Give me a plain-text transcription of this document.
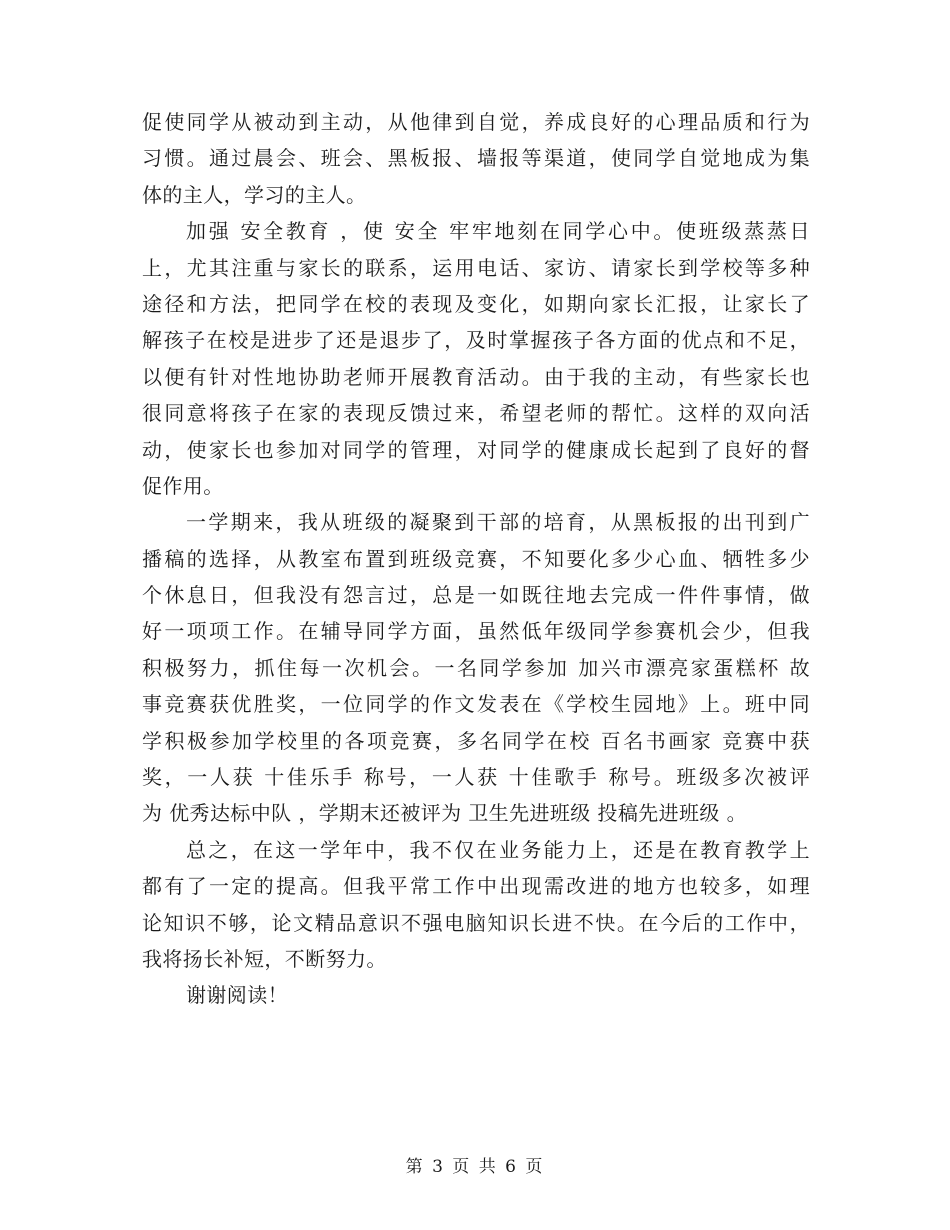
促使同学从被动到主动，从他律到自觉，养成良好的心理品质和行为
习惯。通过晨会、班会、黑板报、墙报等渠道，使同学自觉地成为集
体的主人，学习的主人。
加强 安全教育 ，使 安全 牢牢地刻在同学心中。使班级蒸蒸日
上，尤其注重与家长的联系，运用电话、家访、请家长到学校等多种
途径和方法，把同学在校的表现及变化，如期向家长汇报，让家长了
解孩子在校是进步了还是退步了，及时掌握孩子各方面的优点和不足，
以便有针对性地协助老师开展教育活动。由于我的主动，有些家长也
很同意将孩子在家的表现反馈过来，希望老师的帮忙。这样的双向活
动，使家长也参加对同学的管理，对同学的健康成长起到了良好的督
促作用。
一学期来，我从班级的凝聚到干部的培育，从黑板报的出刊到广
播稿的选择，从教室布置到班级竞赛，不知要化多少心血、牺牲多少
个休息日，但我没有怨言过，总是一如既往地去完成一件件事情，做
好一项项工作。在辅导同学方面，虽然低年级同学参赛机会少，但我
积极努力，抓住每一次机会。一名同学参加 加兴市漂亮家蛋糕杯 故
事竞赛获优胜奖，一位同学的作文发表在《学校生园地》上。班中同
学积极参加学校里的各项竞赛，多名同学在校 百名书画家 竞赛中获
奖，一人获 十佳乐手 称号，一人获 十佳歌手 称号。班级多次被评
为 优秀达标中队 ，学期末还被评为 卫生先进班级 投稿先进班级 。
总之，在这一学年中，我不仅在业务能力上，还是在教育教学上
都有了一定的提高。但我平常工作中出现需改进的地方也较多，如理
论知识不够，论文精品意识不强电脑知识长进不快。在今后的工作中，
我将扬长补短，不断努力。
谢谢阅读！
第 3 页 共 6 页
